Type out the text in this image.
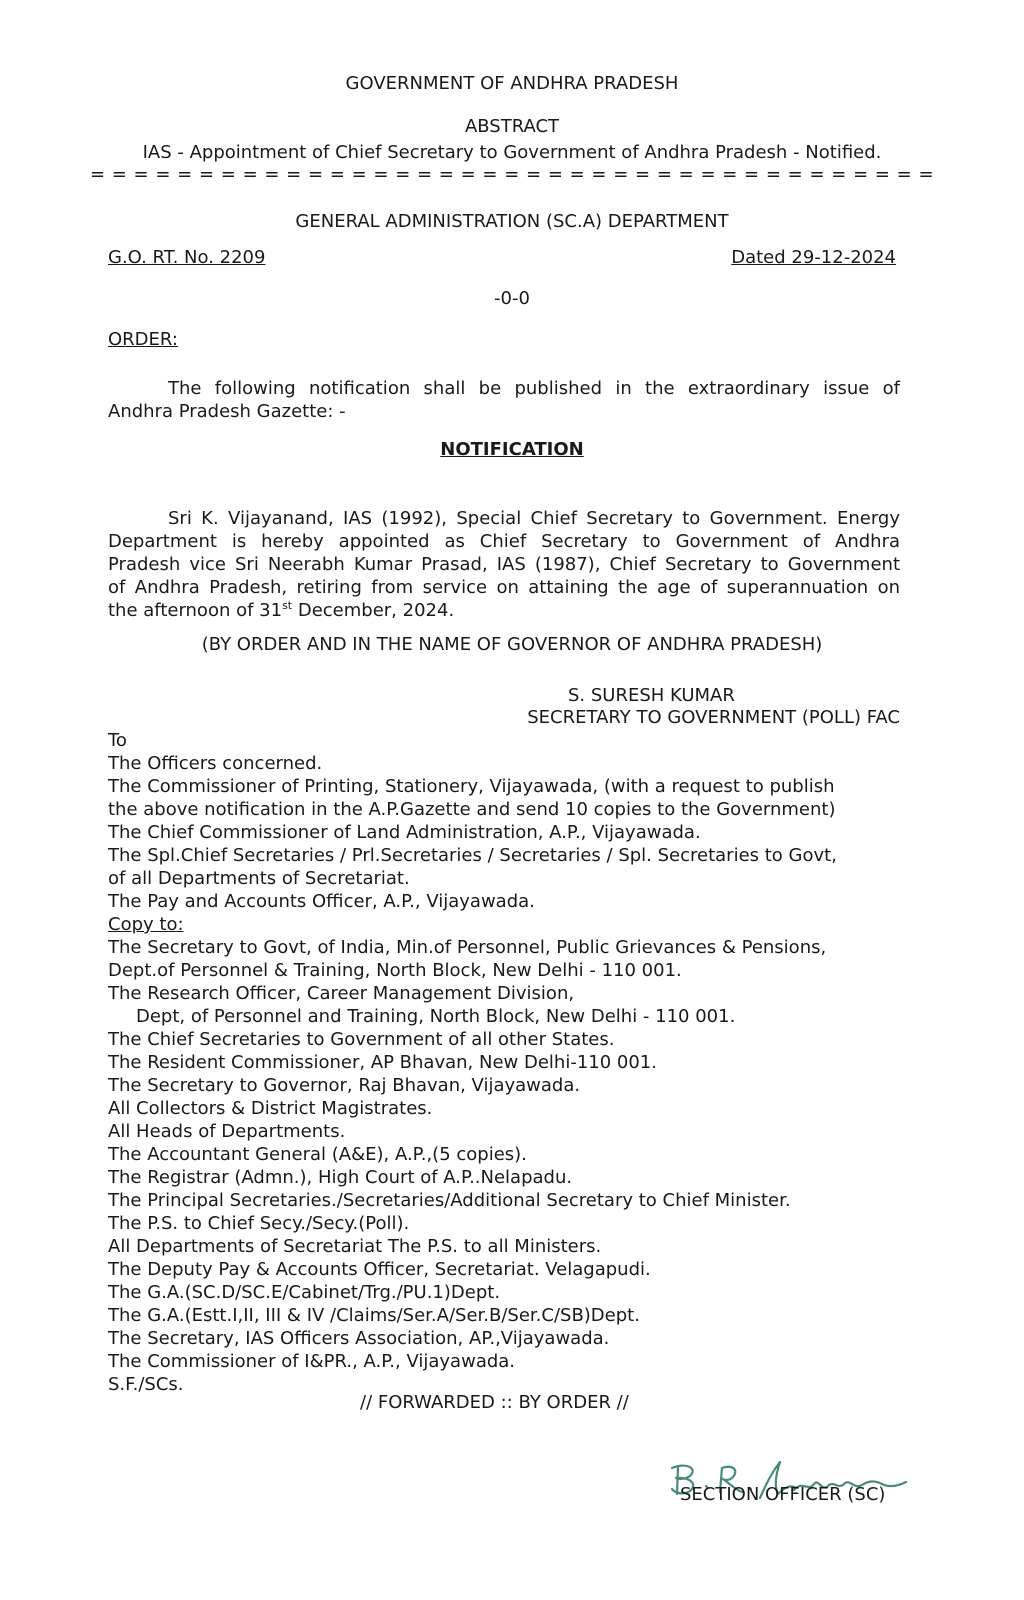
GOVERNMENT OF ANDHRA PRADESH
ABSTRACT
IAS - Appointment of Chief Secretary to Government of Andhra Pradesh - Notified.
= = = = = = = = = = = = = = = = = = = = = = = = = = = = = = = = = = = = = = =
GENERAL ADMINISTRATION (SC.A) DEPARTMENT
G.O. RT. No. 2209	Dated 29-12-2024
-0-0
ORDER:
The following notification shall be published in the extraordinary issue of
Andhra Pradesh Gazette: -
NOTIFICATION
Sri K. Vijayanand, IAS (1992), Special Chief Secretary to Government. Energy
Department is hereby appointed as Chief Secretary to Government of Andhra
Pradesh vice Sri Neerabh Kumar Prasad, IAS (1987), Chief Secretary to Government
of Andhra Pradesh, retiring from service on attaining the age of superannuation on
the afternoon of 31st December, 2024.
(BY ORDER AND IN THE NAME OF GOVERNOR OF ANDHRA PRADESH)
S. SURESH KUMAR
SECRETARY TO GOVERNMENT (POLL) FAC
To
The Officers concerned.
The Commissioner of Printing, Stationery, Vijayawada, (with a request to publish
the above notification in the A.P.Gazette and send 10 copies to the Government)
The Chief Commissioner of Land Administration, A.P., Vijayawada.
The Spl.Chief Secretaries / Prl.Secretaries / Secretaries / Spl. Secretaries to Govt,
of all Departments of Secretariat.
The Pay and Accounts Officer, A.P., Vijayawada.
Copy to:
The Secretary to Govt, of India, Min.of Personnel, Public Grievances & Pensions,
Dept.of Personnel & Training, North Block, New Delhi - 110 001.
The Research Officer, Career Management Division,
Dept, of Personnel and Training, North Block, New Delhi - 110 001.
The Chief Secretaries to Government of all other States.
The Resident Commissioner, AP Bhavan, New Delhi-110 001.
The Secretary to Governor, Raj Bhavan, Vijayawada.
All Collectors & District Magistrates.
All Heads of Departments.
The Accountant General (A&E), A.P.,(5 copies).
The Registrar (Admn.), High Court of A.P..Nelapadu.
The Principal Secretaries./Secretaries/Additional Secretary to Chief Minister.
The P.S. to Chief Secy./Secy.(Poll).
All Departments of Secretariat The P.S. to all Ministers.
The Deputy Pay & Accounts Officer, Secretariat. Velagapudi.
The G.A.(SC.D/SC.E/Cabinet/Trg./PU.1)Dept.
The G.A.(Estt.I,II, III & IV /Claims/Ser.A/Ser.B/Ser.C/SB)Dept.
The Secretary, IAS Officers Association, AP.,Vijayawada.
The Commissioner of I&PR., A.P., Vijayawada.
S.F./SCs.
// FORWARDED :: BY ORDER //
SECTION OFFICER (SC)
